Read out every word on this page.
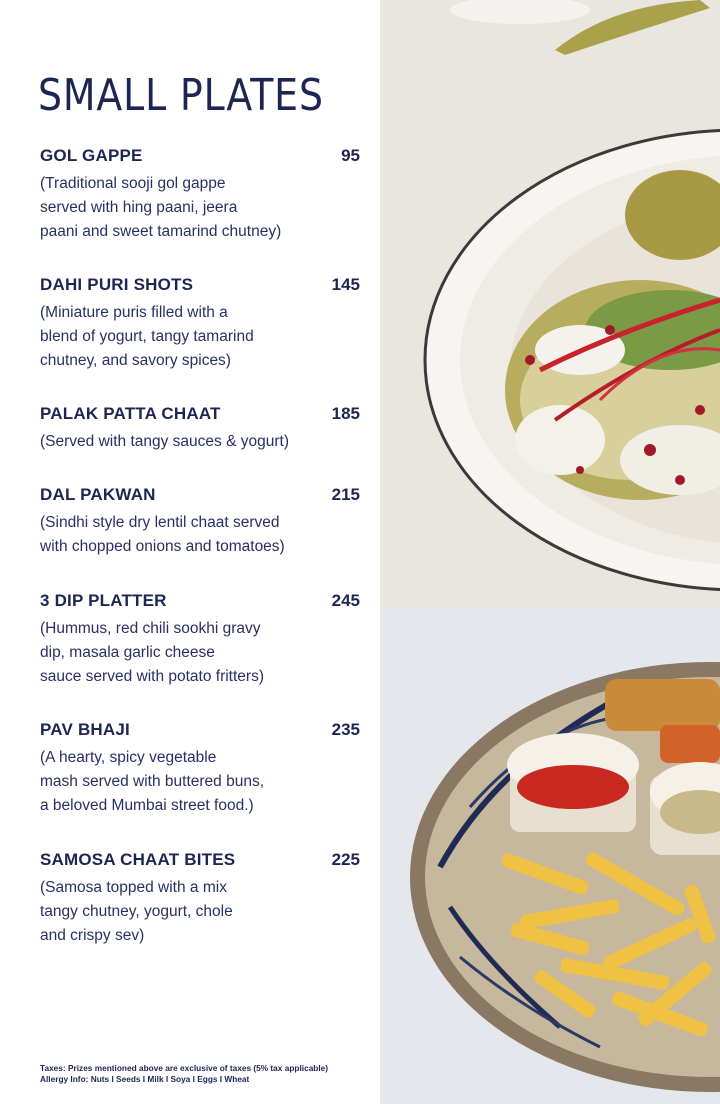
SMALL PLATES
GOL GAPPE	95
(Traditional sooji gol gappe
served with hing paani, jeera
paani and sweet tamarind chutney)
DAHI PURI SHOTS	145
(Miniature puris filled with a
blend of yogurt, tangy tamarind
chutney, and savory spices)
PALAK PATTA CHAAT	185
(Served with tangy sauces & yogurt)
DAL PAKWAN	215
(Sindhi style dry lentil chaat served
with chopped onions and tomatoes)
3 DIP PLATTER	245
(Hummus, red chili sookhi gravy
dip, masala garlic cheese
sauce served with potato fritters)
PAV BHAJI	235
(A hearty, spicy vegetable
mash served with buttered buns,
a beloved Mumbai street food.)
SAMOSA CHAAT BITES	225
(Samosa topped with a mix
tangy chutney, yogurt, chole
and crispy sev)
Taxes: Prizes mentioned above are exclusive of taxes (5% tax applicable)
Allergy Info: Nuts I Seeds I Milk I Soya I Eggs I Wheat
